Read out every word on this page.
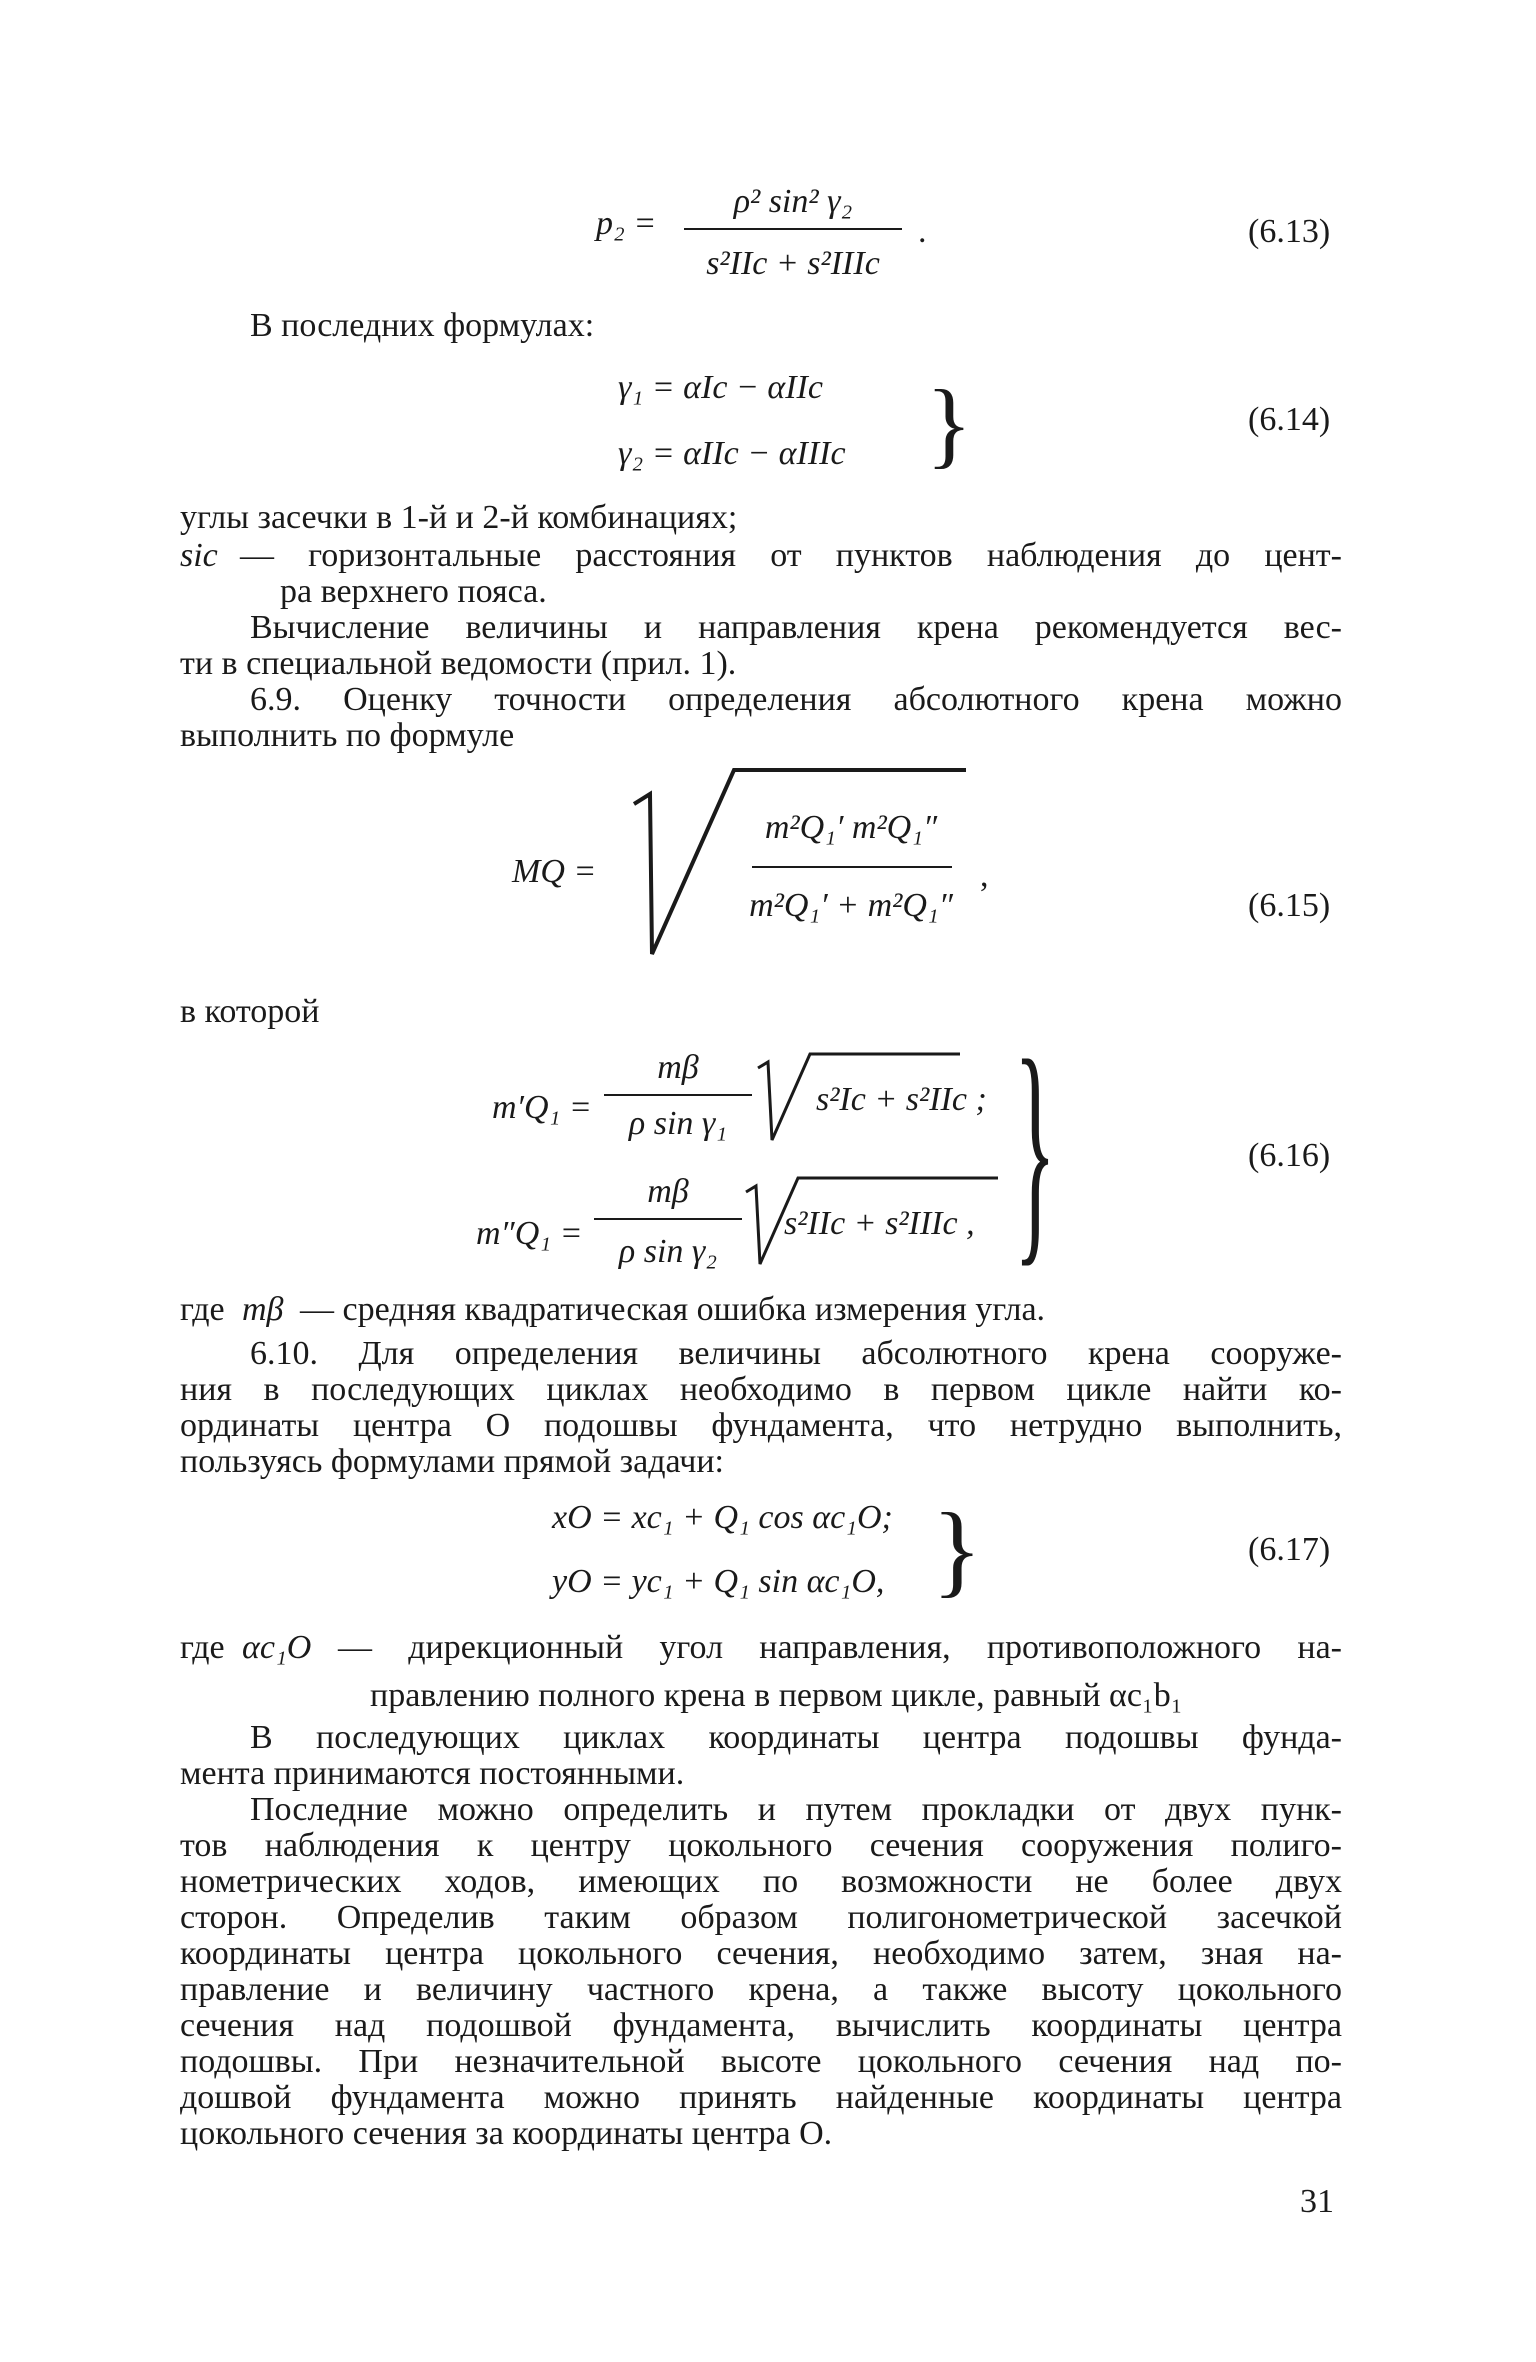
p₂ =
ρ² sin² γ₂
s²IIc + s²IIIc
.	(6.13)
В последних формулах:
γ₁ = αIc − αIIc
γ₂ = αIIc − αIIIc }	(6.14)
углы засечки в 1-й и 2-й комбинациях;
sic — горизонтальные расстояния от пунктов наблюдения до цент-
ра верхнего пояса.
Вычисление величины и направления крена рекомендуется вес-
ти в специальной ведомости (прил. 1).
6.9. Оценку точности определения абсолютного крена можно
выполнить по формуле
MQ =
m²Q₁′ m²Q₁″
m²Q₁′ + m²Q₁″
,
(6.15)
в которой
m′Q₁ =
mβ
ρ sin γ₁
s²Ic + s²IIc ;
m″Q₁ =
mβ
ρ sin γ₂
s²IIc + s²IIIc , }	(6.16)
где mβ — средняя квадратическая ошибка измерения угла.
6.10. Для определения величины абсолютного крена сооруже-
ния в последующих циклах необходимо в первом цикле найти ко-
ординаты центра O подошвы фундамента, что нетрудно выполнить,
пользуясь формулами прямой задачи:
xO = xc₁ + Q₁ cos αc₁O;
yO = yc₁ + Q₁ sin αc₁O, }	(6.17)
где αc₁O — дирекционный угол направления, противоположного на-
правлению полного крена в первом цикле, равный αc₁b₁
В последующих циклах координаты центра подошвы фунда-
мента принимаются постоянными.
Последние можно определить и путем прокладки от двух пунк-
тов наблюдения к центру цокольного сечения сооружения полиго-
нометрических ходов, имеющих по возможности не более двух
сторон. Определив таким образом полигонометрической засечкой
координаты центра цокольного сечения, необходимо затем, зная на-
правление и величину частного крена, а также высоту цокольного
сечения над подошвой фундамента, вычислить координаты центра
подошвы. При незначительной высоте цокольного сечения над по-
дошвой фундамента можно принять найденные координаты центра
цокольного сечения за координаты центра O.
31
